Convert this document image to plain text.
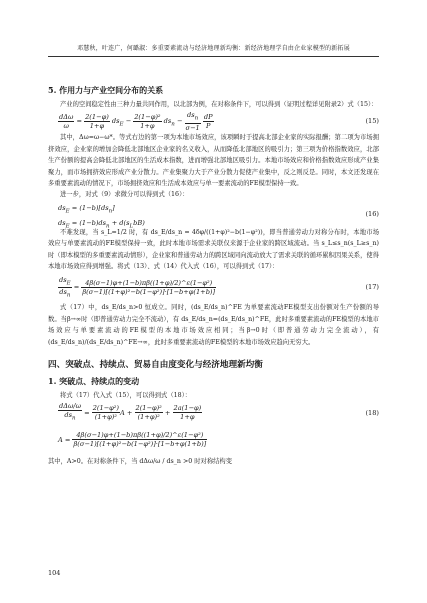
邓慧秋，叶连广，何璐淑：多重要素流动与经济地理新均衡：新经济地理学自由企业家模型的新拓展
5. 作用力与产业空间分布的关系

产业的空间稳定性由三种力量共同作用，以北部为例，在对称条件下，可以得到（证明过程详见附录2）式（15）：

$\frac{\text{dΔω}}{\omega} = \frac{2(1-\varphi)}{1+\varphi} ds_E - \frac{\text{2(1−φ)²}}{1+\varphi} ds_n - \frac{ds_n}{\sigma-1}$
$\frac{dP}{P}$	(15)

其中，Δω=ω−ω*。等式右边的第一项为本地市场效应，该项瞬时于提高北部企业家的实际报酬；第二项为市场拥挤效应，企业家的增加会降低北部地区企业家的名义收入，从而降低北部地区的吸引力；第三项为价格指数效应，北部生产份额的提高会降低北部地区的生活成本指数，进而增强北部地区吸引力。本地市场效应和价格指数效应形成产业集聚力，而市场拥挤效应形成产业分散力。产业集聚力大于产业分散力促使产业集中，反之则反是。同时，本文还发现在多重要素流动的情况下，市场拥挤效应和生活成本效应与单一要素流动的FE模型保持一致。

进一步，对式（9）求微分可以得到式（16）：

$ds_E = (1-b)[ds_n]$
$ds_E = (1-b)ds_n + d(s_LbB)$
(16)

不难发现，当 s_L=1/2 时，有 ds_E/ds_n = 4δφ/((1+φ)²−b(1−φ²))，即当普通劳动力对称分布时，本地市场效应与单要素流动的FE模型保持一致，此时本地市场需求关联仅来源于企业家的跨区域流动。当 s_L≤s_n(s_L≥s_n) 时（即本模型的多重要素流动情形），企业家和普通劳动力的跨区域同向流动放大了需求关联的循环累积因果关系，使得本地市场效应得到增强。将式（13）、式（14）代入式（16），可以得到式（17）：

$\frac{ds_E}{ds_n} = \frac{\text{4β(σ−1)φ+(1−b)πβ((1+φ)/2)\textasciicircum{}ε(1−φ²)}}{\text{β(σ−1)[(1+φ)²−b(1−φ²)]·[1−b+φ(1+b)]}}$	(17)

式（17）中，ds_E/ds_n>0 恒成立。同时，(ds_E/ds_n)^FE 为单要素流动FE模型支出份额对生产份额的导数。当β→∞时（即普通劳动力完全不流动），有 ds_E/ds_n=(ds_E/ds_n)^FE，此时多重要素流动的FE模型的本地市场效应与单要素流动的FE模型的本地市场效应相同；当β→0时（即普通劳动力完全流动），有 (ds_E/ds_n)/(ds_E/ds_n)^FE→∞，此时多重要素流动的FE模型的本地市场效应趋向无穷大。

四、突破点、持续点、贸易自由度变化与经济地理新均衡
1. 突破点、持续点的变动

将式（17）代入式（15），可以得到式（18）：

$\frac{\text{dΔω/ω}}{ds_n} = \frac{\text{2(1−φ²)}}{\text{(1+φ)²}}$ $A + \frac{\text{2(1−φ)²}}{\text{(1+φ)²}} + \frac{2a(1-\varphi)}{1+\varphi}$	(18)
$A = \frac{\text{4β(σ−1)φ+(1−b)πβ((1+φ)/2)\textasciicircum{}ε(1−φ²)}}{\text{β(σ−1)[(1+φ)²−b(1−φ²)]·[1−b+φ(1+b)]}}$

其中，A>0。在对称条件下，当 dΔω/ω / ds_n >0 时对称结构变

104
